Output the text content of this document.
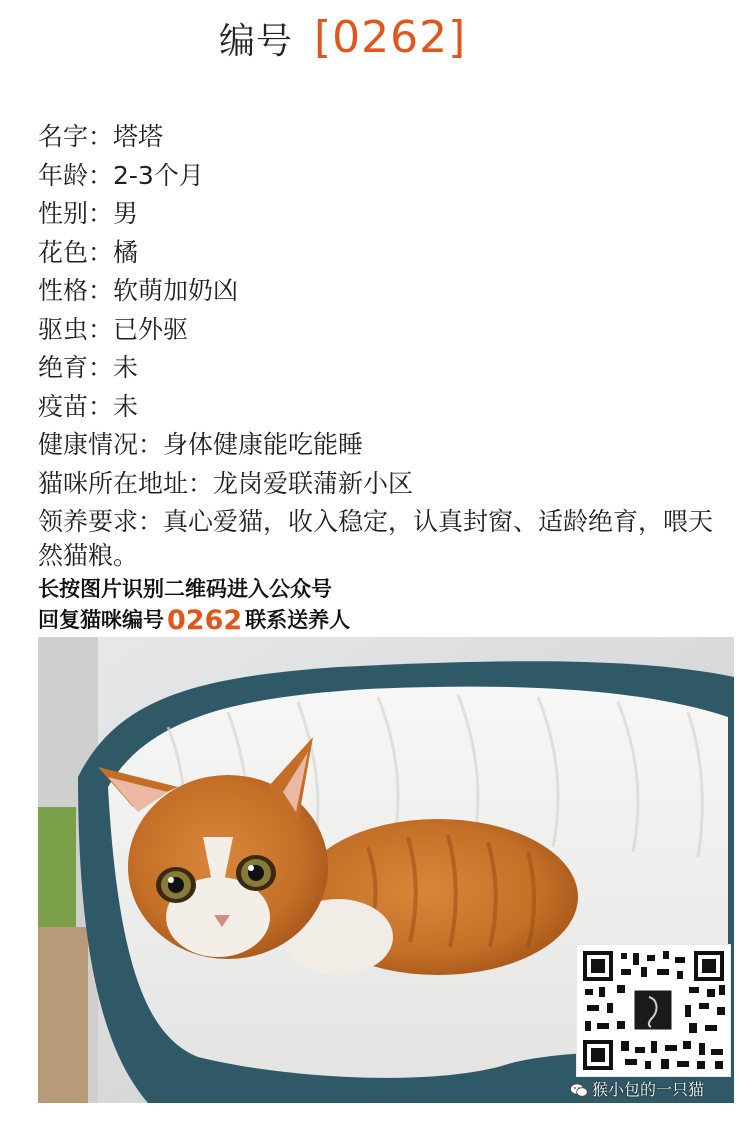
编号 [0262]
名字：塔塔
年龄：2-3个月
性别：男
花色：橘
性格：软萌加奶凶
驱虫：已外驱
绝育：未
疫苗：未
健康情况：身体健康能吃能睡
猫咪所在地址：龙岗爱联蒲新小区
领养要求：真心爱猫，收入稳定，认真封窗、适龄绝育，喂天然猫粮。
长按图片识别二维码进入公众号
回复猫咪编号 0262 联系送养人
猴小包的一只猫
